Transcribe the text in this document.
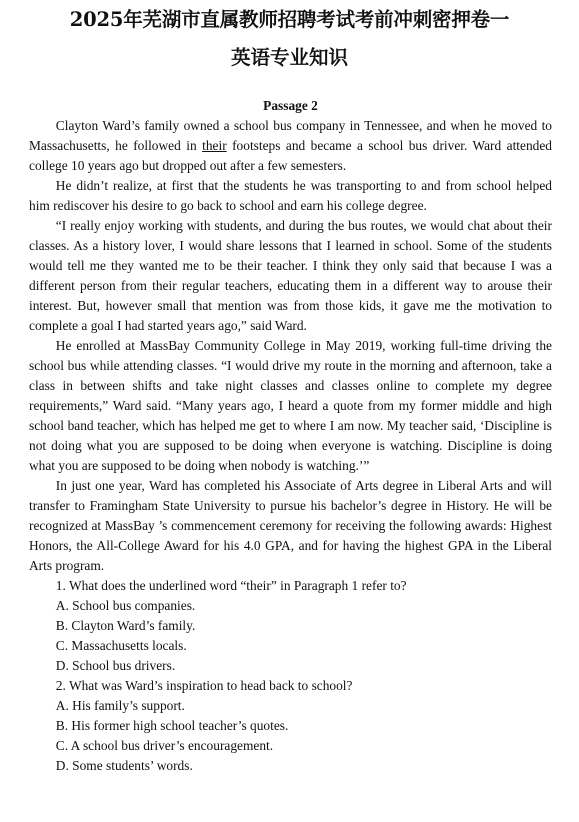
2025年芜湖市直属教师招聘考试考前冲刺密押卷一
英语专业知识

Passage 2

Clayton Ward’s family owned a school bus company in Tennessee, and when he moved to Massachusetts, he followed in their footsteps and became a school bus driver. Ward attended college 10 years ago but dropped out after a few semesters.

He didn’t realize, at first that the students he was transporting to and from school helped him rediscover his desire to go back to school and earn his college degree.

“I really enjoy working with students, and during the bus routes, we would chat about their classes. As a history lover, I would share lessons that I learned in school. Some of the students would tell me they wanted me to be their teacher. I think they only said that because I was a different person from their regular teachers, educating them in a different way to arouse their interest. But, however small that mention was from those kids, it gave me the motivation to complete a goal I had started years ago,” said Ward.

He enrolled at MassBay Community College in May 2019, working full-time driving the school bus while attending classes. “I would drive my route in the morning and afternoon, take a class in between shifts and take night classes and classes online to complete my degree requirements,” Ward said. “Many years ago, I heard a quote from my former middle and high school band teacher, which has helped me get to where I am now. My teacher said, ‘Discipline is not doing what you are supposed to be doing when everyone is watching. Discipline is doing what you are supposed to be doing when nobody is watching.’”

In just one year, Ward has completed his Associate of Arts degree in Liberal Arts and will transfer to Framingham State University to pursue his bachelor’s degree in History. He will be recognized at MassBay ’s commencement ceremony for receiving the following awards: Highest Honors, the All-College Award for his 4.0 GPA, and for having the highest GPA in the Liberal Arts program.

1. What does the underlined word “their” in Paragraph 1 refer to?

A. School bus companies.

B. Clayton Ward’s family.

C. Massachusetts locals.

D. School bus drivers.

2. What was Ward’s inspiration to head back to school?

A. His family’s support.

B. His former high school teacher’s quotes.

C. A school bus driver’s encouragement.

D. Some students’ words.
